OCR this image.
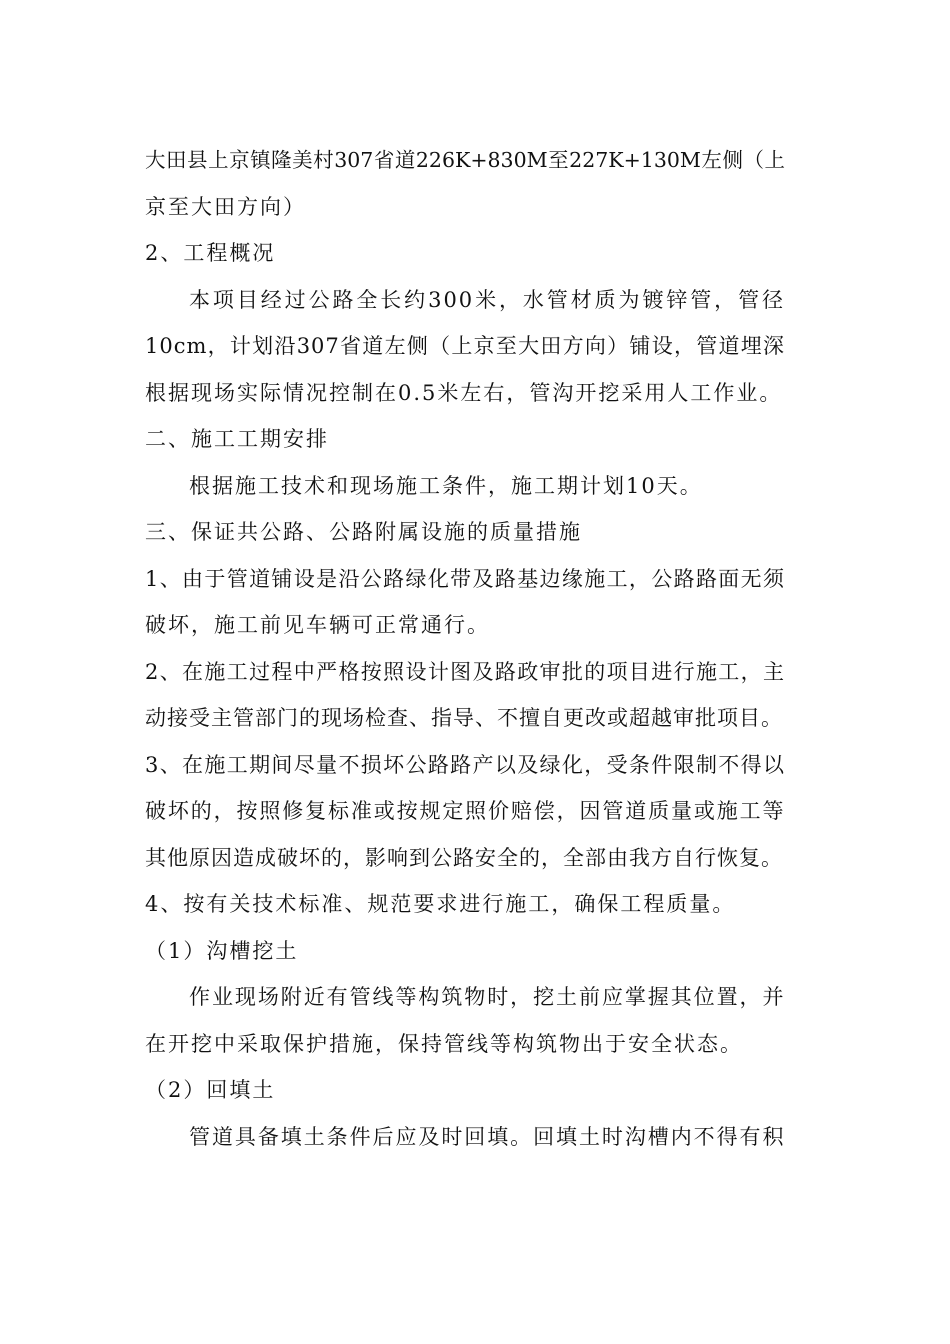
大田县上京镇隆美村307省道226K+830M至227K+130M左侧（上
京至大田方向）
2、工程概况
本项目经过公路全长约300米，水管材质为镀锌管，管径
10cm，计划沿307省道左侧（上京至大田方向）铺设，管道埋深
根据现场实际情况控制在0.5米左右，管沟开挖采用人工作业。
二、施工工期安排
根据施工技术和现场施工条件，施工期计划10天。
三、保证共公路、公路附属设施的质量措施
1、由于管道铺设是沿公路绿化带及路基边缘施工，公路路面无须
破坏，施工前见车辆可正常通行。
2、在施工过程中严格按照设计图及路政审批的项目进行施工，主
动接受主管部门的现场检查、指导、不擅自更改或超越审批项目。
3、在施工期间尽量不损坏公路路产以及绿化，受条件限制不得以
破坏的，按照修复标准或按规定照价赔偿，因管道质量或施工等
其他原因造成破坏的，影响到公路安全的，全部由我方自行恢复。
4、按有关技术标准、规范要求进行施工，确保工程质量。
（1）沟槽挖土
作业现场附近有管线等构筑物时，挖土前应掌握其位置，并
在开挖中采取保护措施，保持管线等构筑物出于安全状态。
（2）回填土
管道具备填土条件后应及时回填。回填土时沟槽内不得有积
